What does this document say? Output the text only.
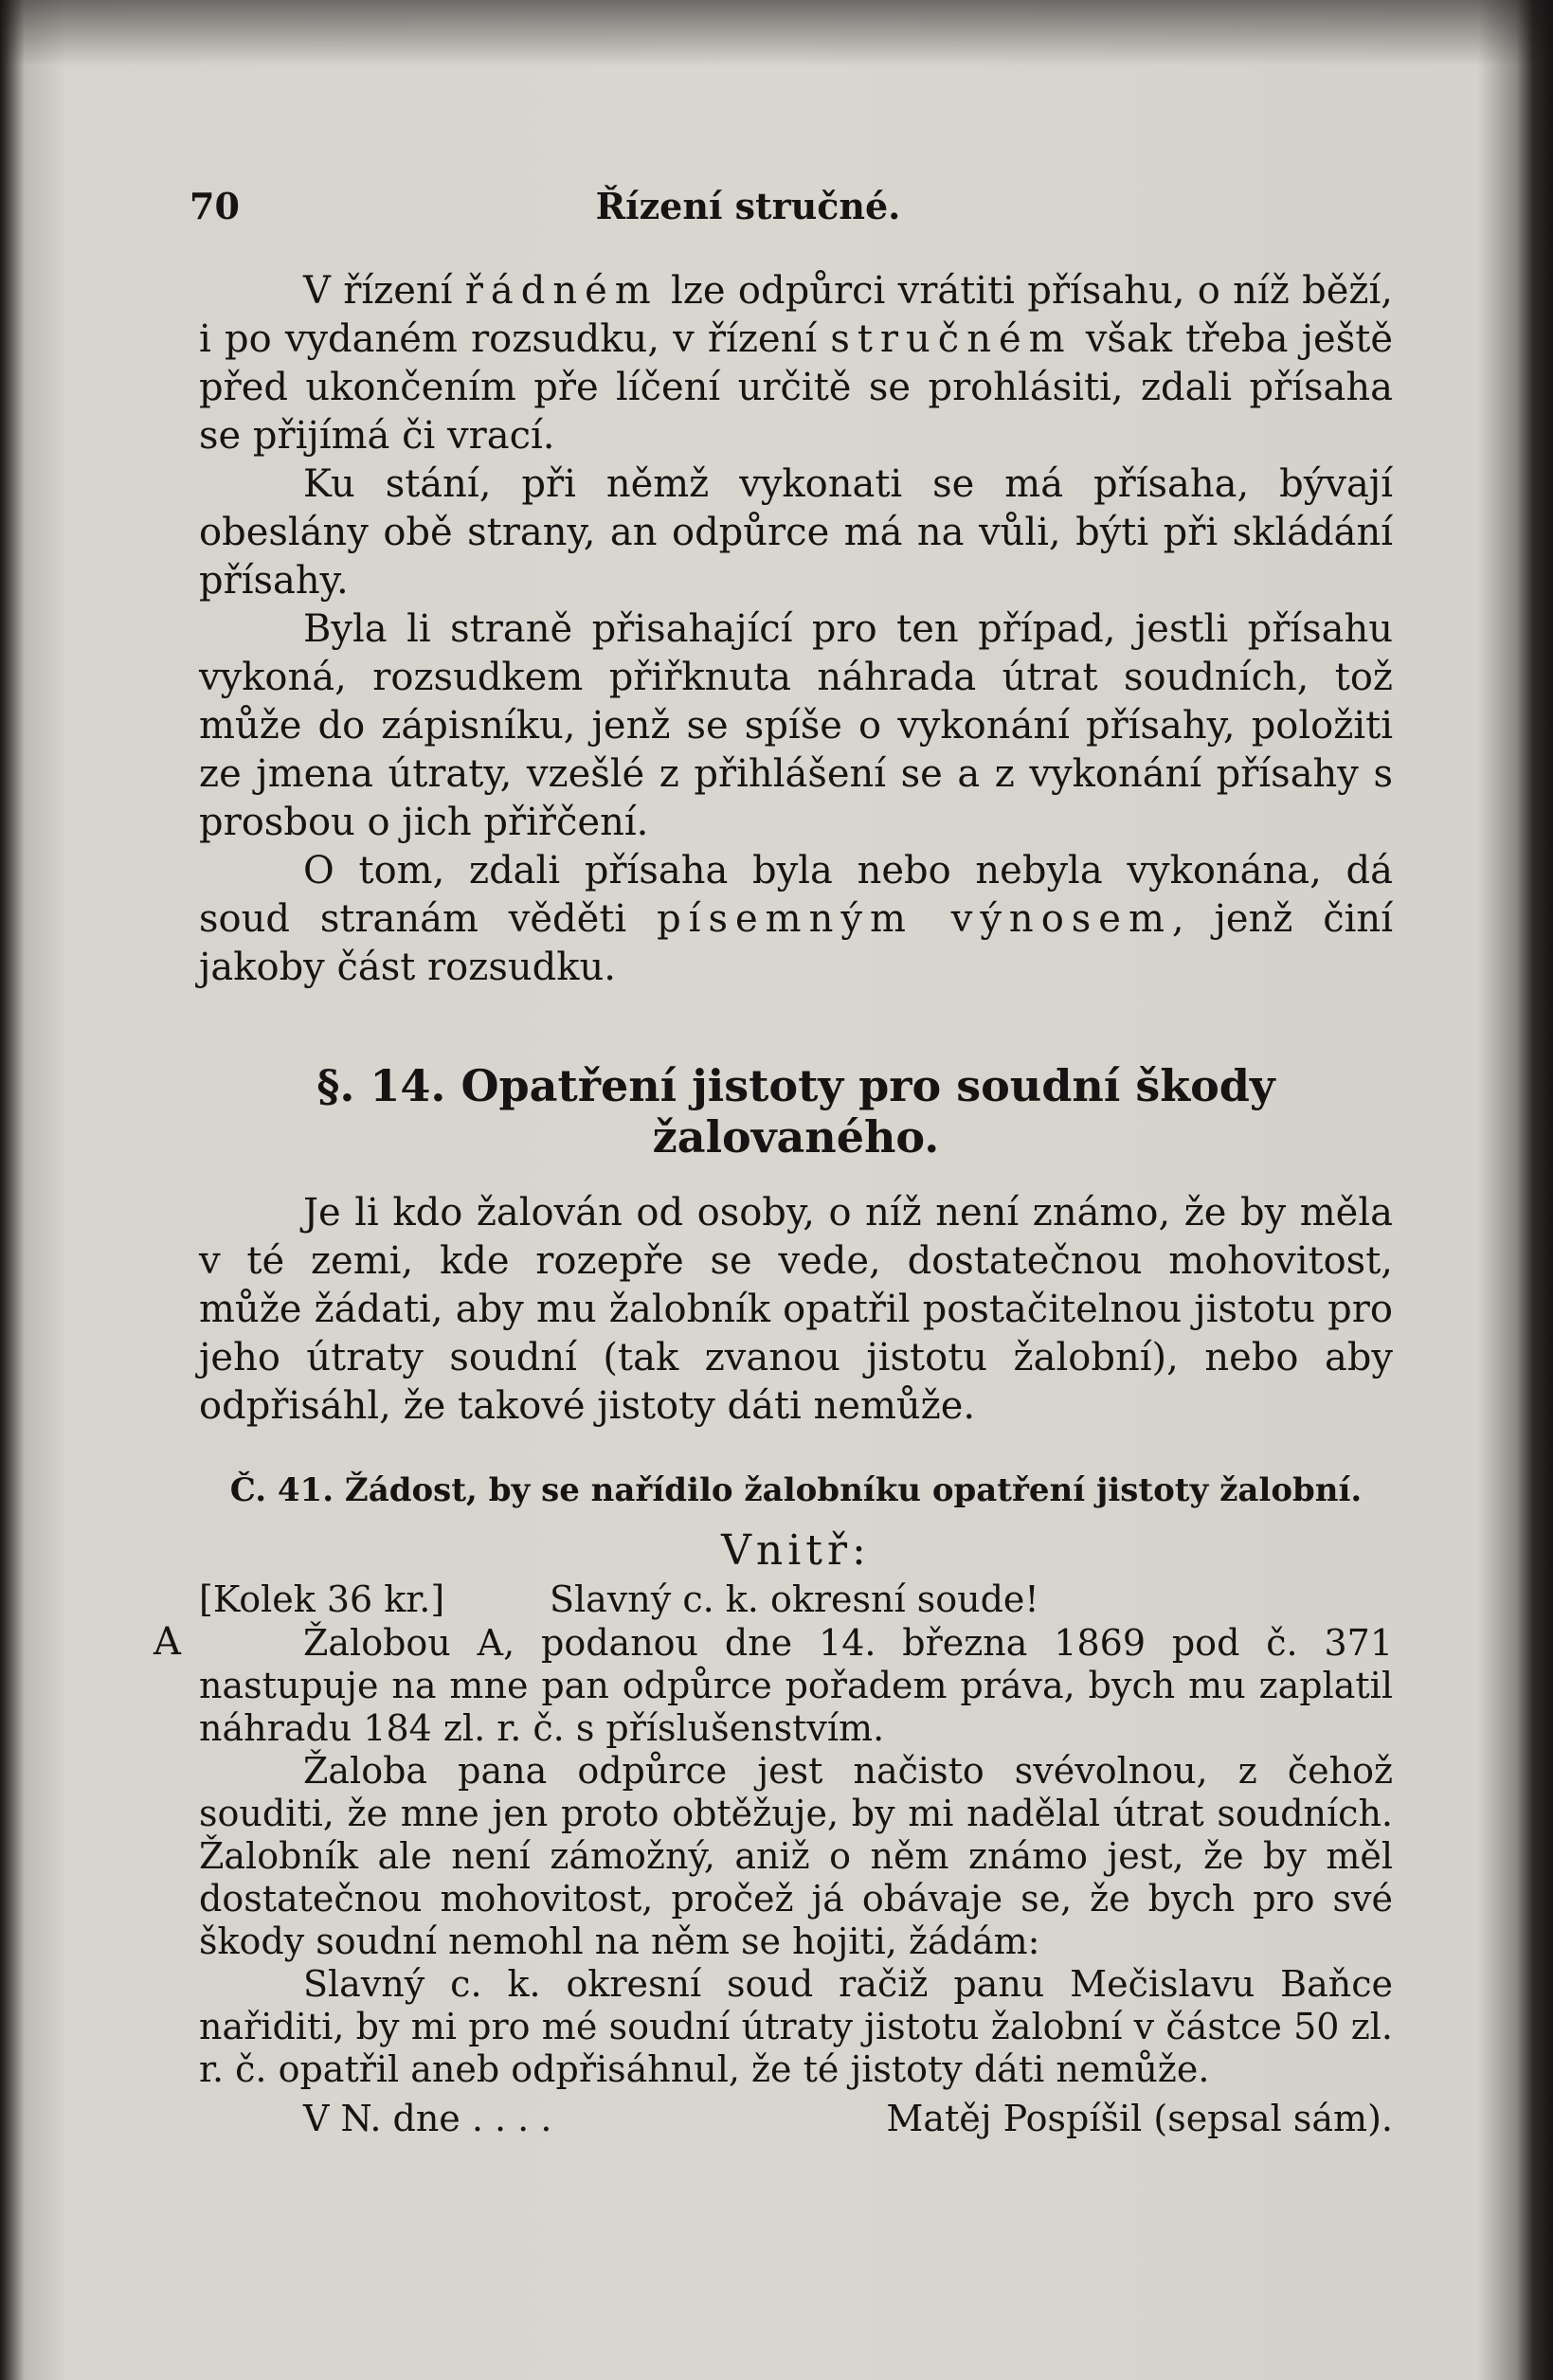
70	Řízení stručné.

V řízení řádném lze odpůrci vrátiti přísahu, o níž běží, i po vydaném rozsudku, v řízení stručném však třeba ještě před ukončením pře líčení určitě se prohlásiti, zdali přísaha se přijímá či vrací.

Ku stání, při němž vykonati se má přísaha, bývají obeslány obě strany, an odpůrce má na vůli, býti při skládání přísahy.

Byla li straně přisahající pro ten případ, jestli přísahu vykoná, rozsudkem přiřknuta náhrada útrat soudních, tož může do zápisníku, jenž se spíše o vykonání přísahy, položiti ze jmena útraty, vzešlé z přihlášení se a z vykonání přísahy s prosbou o jich přiřčení.

O tom, zdali přísaha byla nebo nebyla vykonána, dá soud stranám věděti písemným výnosem, jenž činí jakoby část rozsudku.

§. 14. Opatření jistoty pro soudní škody
žalovaného.

Je li kdo žalován od osoby, o níž není známo, že by měla v té zemi, kde rozepře se vede, dostatečnou mohovitost, může žádati, aby mu žalobník opatřil postačitelnou jistotu pro jeho útraty soudní (tak zvanou jistotu žalobní), nebo aby odpřisáhl, že takové jistoty dáti nemůže.

Č. 41. Žádost, by se nařídilo žalobníku opatření jistoty žalobní.
Vnitř:
[Kolek 36 kr.]	Slavný c. k. okresní soude!

Žalobou A, podanou dne 14. března 1869 pod č. 371 nastupuje na mne pan odpůrce pořadem práva, bych mu zaplatil náhradu 184 zl. r. č. s příslušenstvím.

Žaloba pana odpůrce jest načisto svévolnou, z čehož souditi, že mne jen proto obtěžuje, by mi nadělal útrat soudních. Žalobník ale není zámožný, aniž o něm známo jest, že by měl dostatečnou mohovitost, pročež já obávaje se, že bych pro své škody soudní nemohl na něm se hojiti, žádám:

Slavný c. k. okresní soud račiž panu Mečislavu Baňce nařiditi, by mi pro mé soudní útraty jistotu žalobní v částce 50 zl. r. č. opatřil aneb odpřisáhnul, že té jistoty dáti nemůže.

V N. dne . . . .	Matěj Pospíšil (sepsal sám).
A
